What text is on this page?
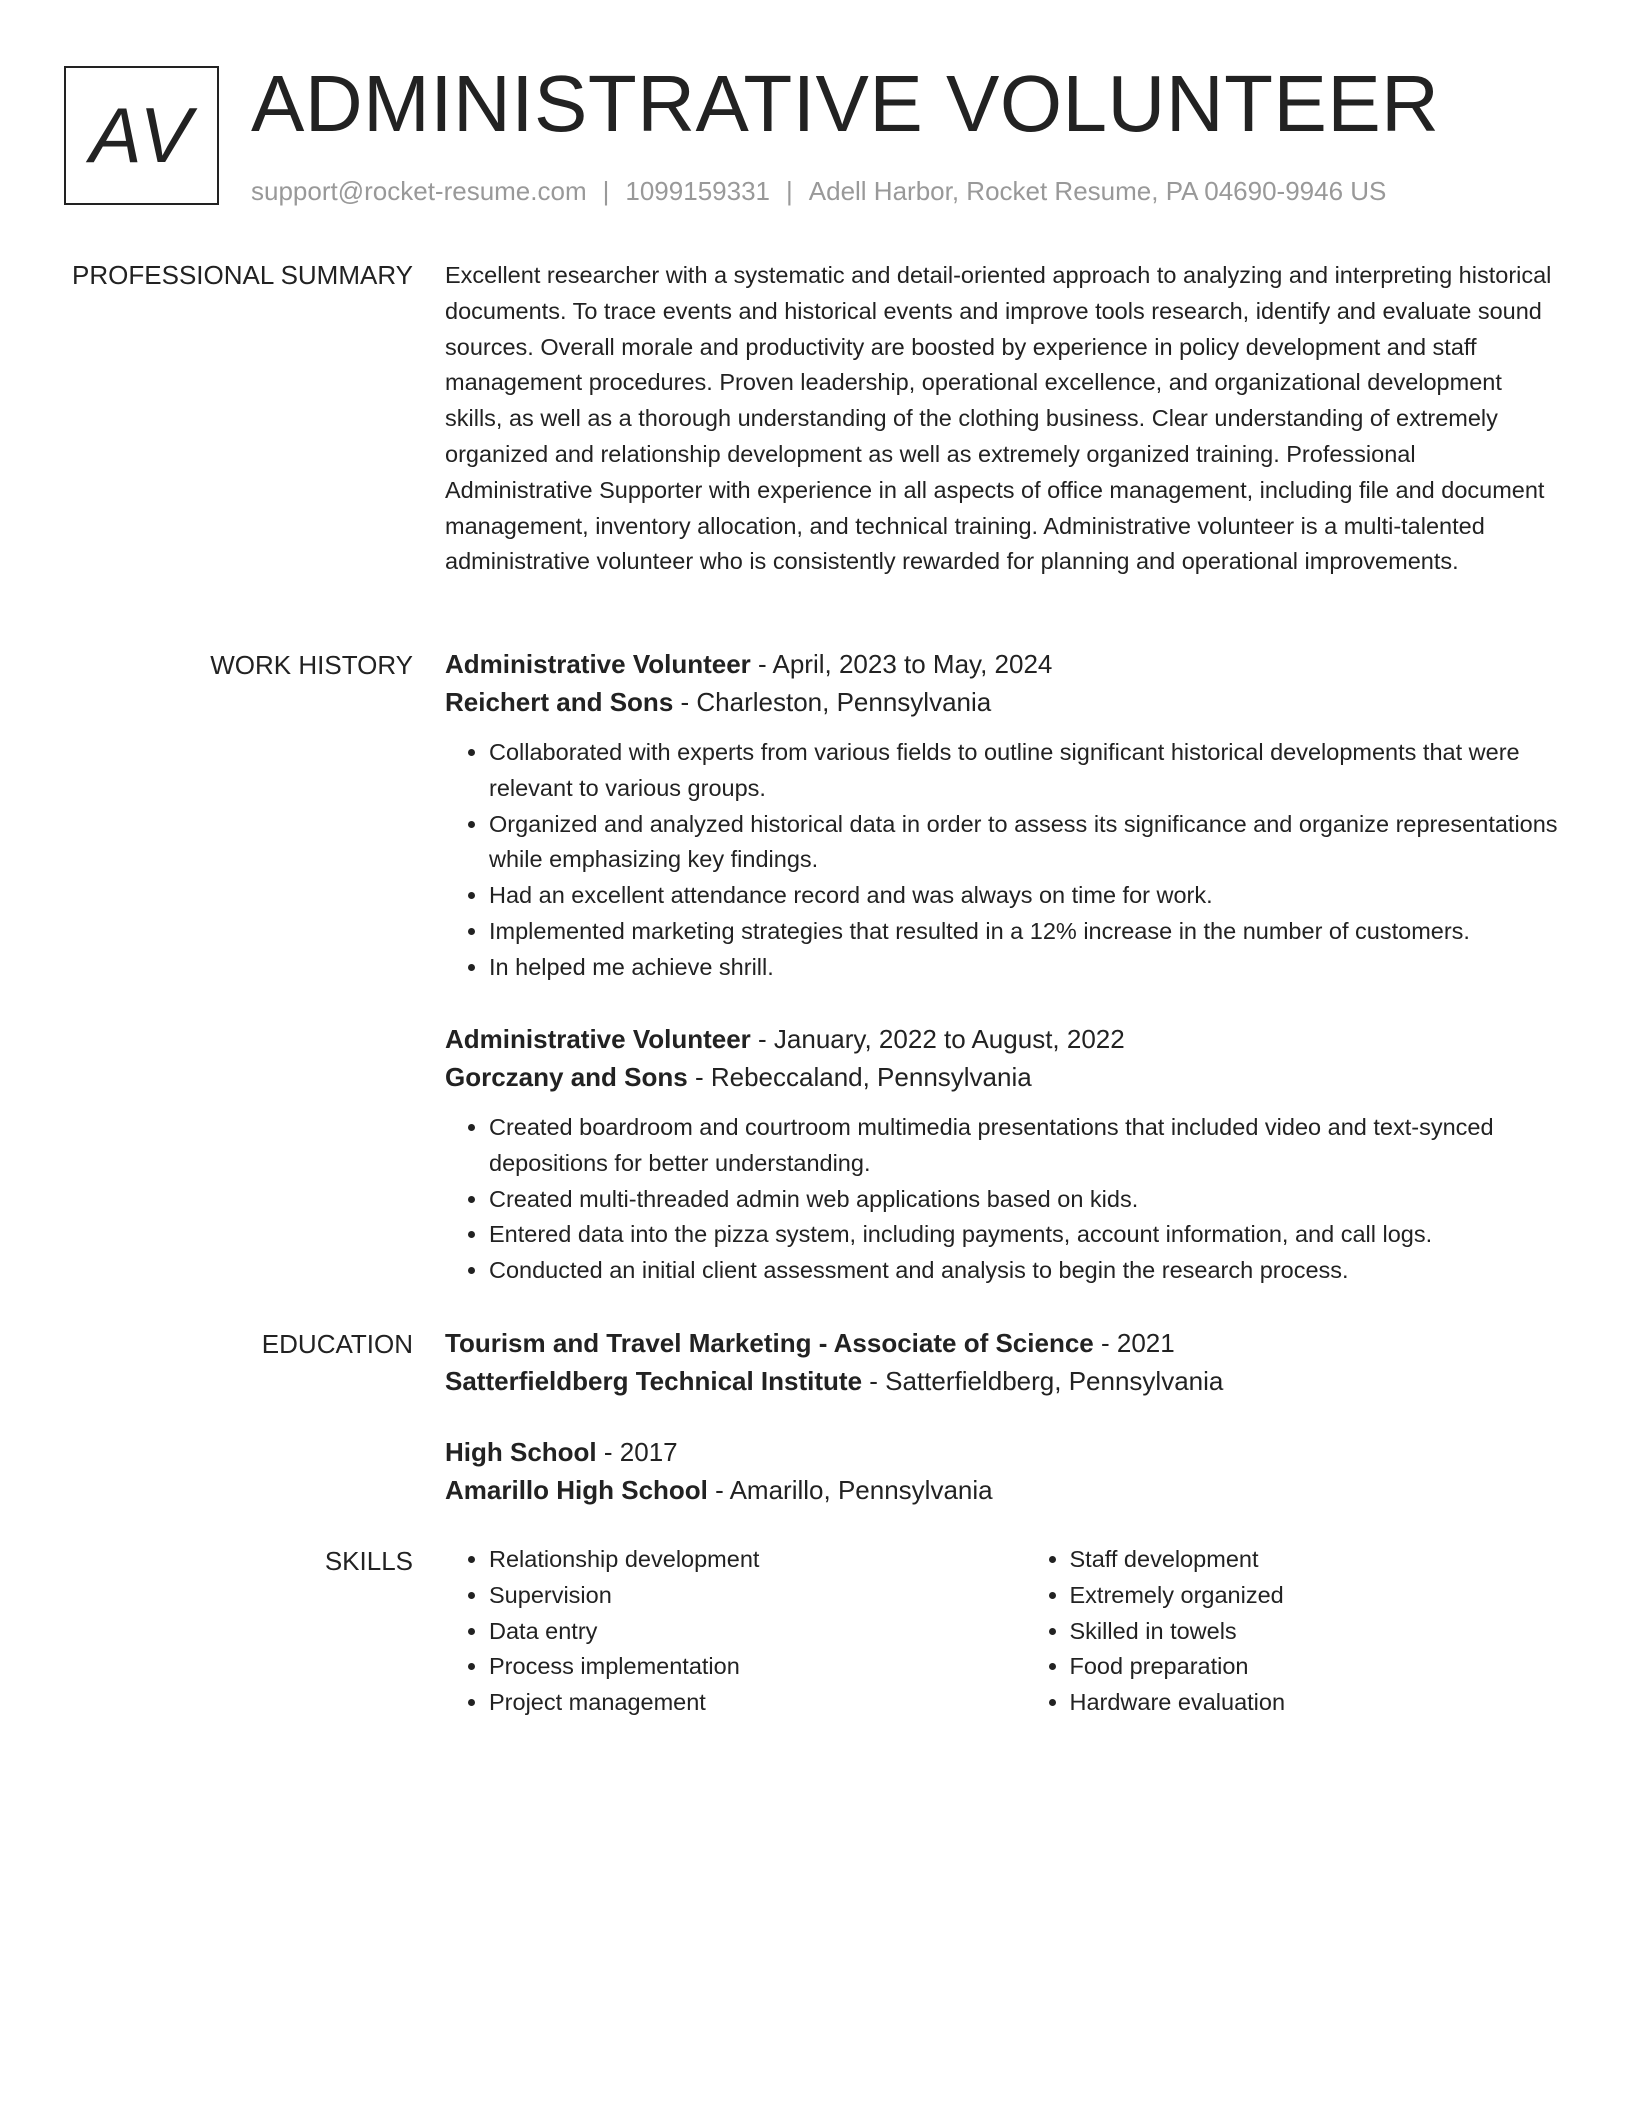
AV ADMINISTRATIVE VOLUNTEER
support@rocket-resume.com | 1099159331 | Adell Harbor, Rocket Resume, PA 04690-9946 US
PROFESSIONAL SUMMARY Excellent researcher with a systematic and detail-oriented approach to analyzing and interpreting historical documents. To trace events and historical events and improve tools research, identify and evaluate sound sources. Overall morale and productivity are boosted by experience in policy development and staff management procedures. Proven leadership, operational excellence, and organizational development skills, as well as a thorough understanding of the clothing business. Clear understanding of extremely organized and relationship development as well as extremely organized training. Professional Administrative Supporter with experience in all aspects of office management, including file and document management, inventory allocation, and technical training. Administrative volunteer is a multi-talented administrative volunteer who is consistently rewarded for planning and operational improvements.

WORK HISTORY Administrative Volunteer - April, 2023 to May, 2024
Reichert and Sons - Charleston, Pennsylvania
• Collaborated with experts from various fields to outline significant historical developments that were relevant to various groups.
• Organized and analyzed historical data in order to assess its significance and organize representations while emphasizing key findings.
• Had an excellent attendance record and was always on time for work.
• Implemented marketing strategies that resulted in a 12% increase in the number of customers.
• In helped me achieve shrill.
Administrative Volunteer - January, 2022 to August, 2022
Gorczany and Sons - Rebeccaland, Pennsylvania
• Created boardroom and courtroom multimedia presentations that included video and text-synced depositions for better understanding.
• Created multi-threaded admin web applications based on kids.
• Entered data into the pizza system, including payments, account information, and call logs.
• Conducted an initial client assessment and analysis to begin the research process.
EDUCATION Tourism and Travel Marketing - Associate of Science - 2021
Satterfieldberg Technical Institute - Satterfieldberg, Pennsylvania
High School - 2017
Amarillo High School - Amarillo, Pennsylvania
SKILLS
•	Relationship development
• Supervision
• Data entry
• Process implementation
• Project management
• Staff development
• Extremely organized
• Skilled in towels
• Food preparation
• Hardware evaluation
